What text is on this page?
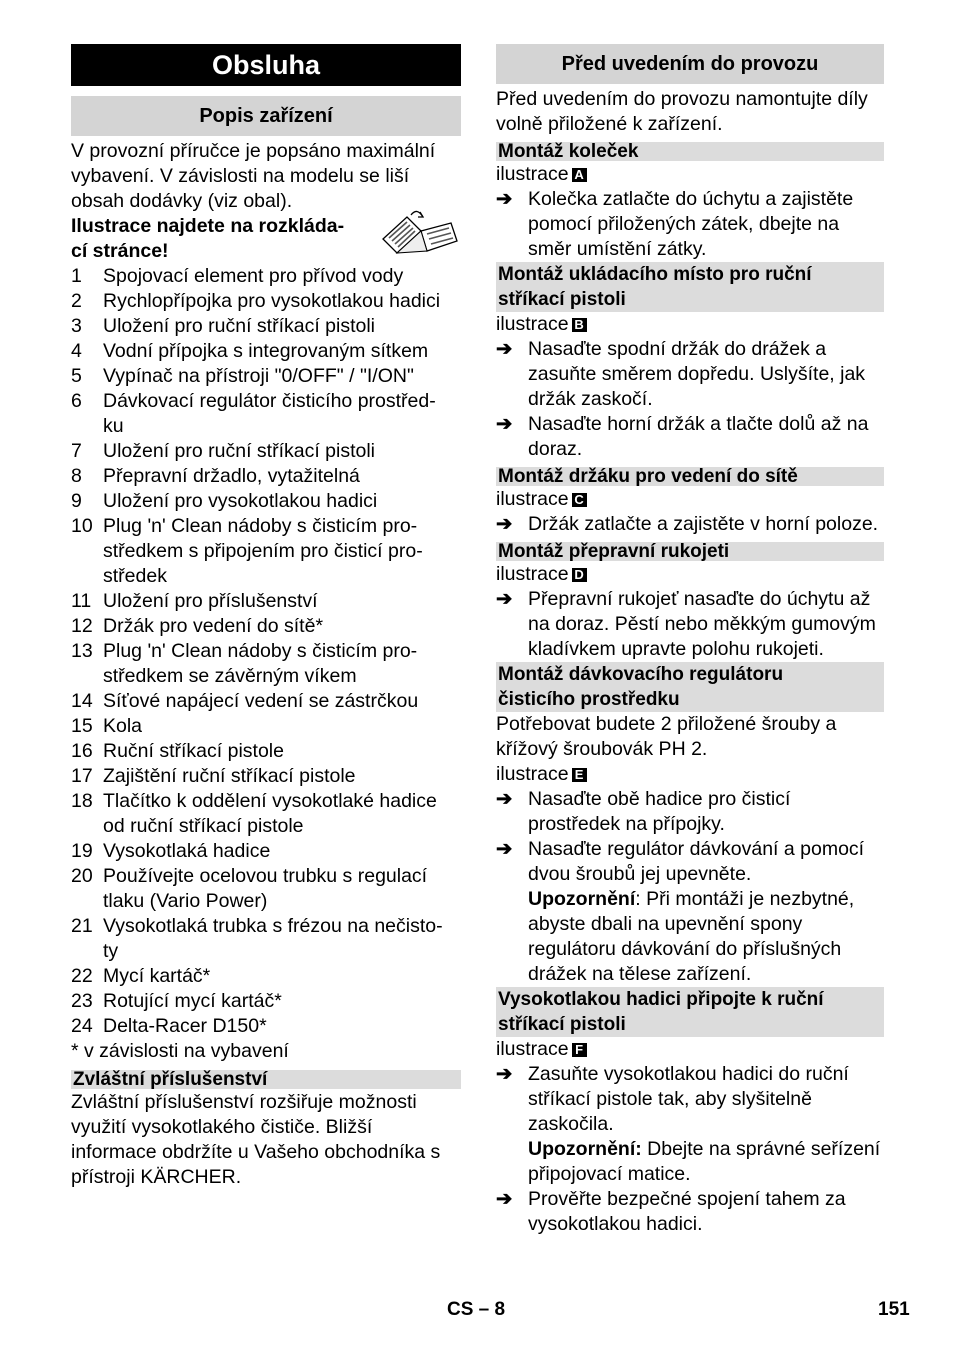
Obsluha
Popis zařízení

V provozní příručce je popsáno maximální vybavení. V závislosti na modelu se liší obsah dodávky (viz obal).

Ilustrace najdete na rozkláda-
cí stránce!
1	Spojovací element pro přívod vody
2	Rychlopřípojka pro vysokotlakou hadici
3	Uložení pro ruční stříkací pistoli
4	Vodní přípojka s integrovaným sítkem
5	Vypínač na přístroji "0/OFF" / "I/ON"
6	Dávkovací regulátor čisticího prostřed-
ku
7	Uložení pro ruční stříkací pistoli
8	Přepravní držadlo, vytažitelná
9	Uložení pro vysokotlakou hadici
10 Plug 'n' Clean nádoby s čisticím pro-
středkem s připojením pro čisticí pro-
středek
11 Uložení pro příslušenství
12 Držák pro vedení do sítě*
13 Plug 'n' Clean nádoby s čisticím pro-
středkem se závěrným víkem
14 Síťové napájecí vedení se zástrčkou
15 Kola
16 Ruční stříkací pistole
17 Zajištění ruční stříkací pistole
18 Tlačítko k oddělení vysokotlaké hadice
od ruční stříkací pistole
19 Vysokotlaká hadice
20 Používejte ocelovou trubku s regulací
tlaku (Vario Power)
21 Vysokotlaká trubka s frézou na nečisto-
ty
22 Mycí kartáč*
23 Rotující mycí kartáč*
24 Delta-Racer D150*

* v závislosti na vybavení

Zvláštní příslušenství

Zvláštní příslušenství rozšiřuje možnosti využití vysokotlakého čističe. Bližší informace obdržíte u Vašeho obchodníka s přístroji KÄRCHER.

Před uvedením do provozu

Před uvedením do provozu namontujte díly volně přiložené k zařízení.

Montáž koleček

ilustrace A

➔ Kolečka zatlačte do úchytu a zajistěte pomocí přiložených zátek, dbejte na směr umístění zátky.
Montáž ukládacího místo pro ruční
stříkací pistoli

ilustrace B

➔ Nasaďte spodní držák do drážek a zasuňte směrem dopředu. Uslyšíte, jak držák zaskočí.
➔ Nasaďte horní držák a tlačte dolů až na doraz.
Montáž držáku pro vedení do sítě

ilustrace C

➔ Držák zatlačte a zajistěte v horní poloze.
Montáž přepravní rukojeti

ilustrace D

➔ Přepravní rukojeť nasaďte do úchytu až na doraz. Pěstí nebo měkkým gumovým kladívkem upravte polohu rukojeti.
Montáž dávkovacího regulátoru
čisticího prostředku

Potřebovat budete 2 přiložené šrouby a křížový šroubovák PH 2.

ilustrace E

➔ Nasaďte obě hadice pro čisticí prostředek na přípojky.
➔ Nasaďte regulátor dávkování a pomocí dvou šroubů jej upevněte.

Upozornění: Při montáži je nezbytné, abyste dbali na upevnění spony regulátoru dávkování do příslušných drážek na tělese zařízení.

Vysokotlakou hadici připojte k ruční
stříkací pistoli

ilustrace F

➔ Zasuňte vysokotlakou hadici do ruční stříkací pistole tak, aby slyšitelně zaskočila.

Upozornění: Dbejte na správné seřízení připojovací matice.

➔ Prověřte bezpečné spojení tahem za vysokotlakou hadici.
CS – 8	151
